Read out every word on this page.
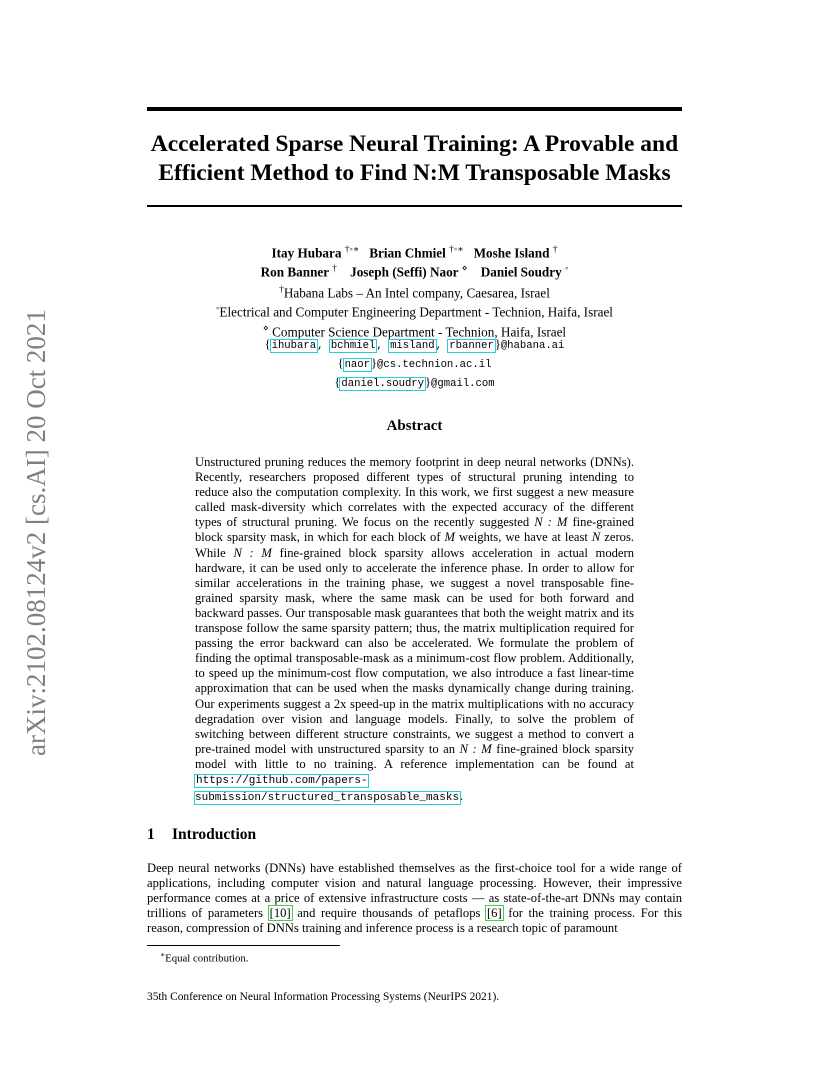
arXiv:2102.08124v2 [cs.AI] 20 Oct 2021
Accelerated Sparse Neural Training: A Provable and
Efficient Method to Find N:M Transposable Masks
Itay Hubara †◦∗ Brian Chmiel †◦∗ Moshe Island †
Ron Banner † Joseph (Seffi) Naor ⋄ Daniel Soudry ◦
†Habana Labs – An Intel company, Caesarea, Israel
◦Electrical and Computer Engineering Department - Technion, Haifa, Israel
⋄ Computer Science Department - Technion, Haifa, Israel
{ihubara, bchmiel, misland, rbanner}@habana.ai
{naor}@cs.technion.ac.il
{daniel.soudry}@gmail.com
Abstract
Unstructured pruning reduces the memory footprint in deep neural networks (DNNs). Recently, researchers proposed different types of structural pruning intending to reduce also the computation complexity. In this work, we first suggest a new measure called mask-diversity which correlates with the expected accuracy of the different types of structural pruning. We focus on the recently suggested N : M fine-grained block sparsity mask, in which for each block of M weights, we have at least N zeros. While N : M fine-grained block sparsity allows acceleration in actual modern hardware, it can be used only to accelerate the inference phase. In order to allow for similar accelerations in the training phase, we suggest a novel transposable fine-grained sparsity mask, where the same mask can be used for both forward and backward passes. Our transposable mask guarantees that both the weight matrix and its transpose follow the same sparsity pattern; thus, the matrix multiplication required for passing the error backward can also be accelerated. We formulate the problem of finding the optimal transposable-mask as a minimum-cost flow problem. Additionally, to speed up the minimum-cost flow computation, we also introduce a fast linear-time approximation that can be used when the masks dynamically change during training. Our experiments suggest a 2x speed-up in the matrix multiplications with no accuracy degradation over vision and language models. Finally, to solve the problem of switching between different structure constraints, we suggest a method to convert a pre-trained model with unstructured sparsity to an N : M fine-grained block sparsity model with little to no training. A reference implementation can be found at https://github.com/papers-submission/structured_transposable_masks.
1 Introduction
Deep neural networks (DNNs) have established themselves as the first-choice tool for a wide range of applications, including computer vision and natural language processing. However, their impressive performance comes at a price of extensive infrastructure costs — as state-of-the-art DNNs may contain trillions of parameters [10] and require thousands of petaflops [6] for the training process. For this reason, compression of DNNs training and inference process is a research topic of paramount
∗Equal contribution.
35th Conference on Neural Information Processing Systems (NeurIPS 2021).
